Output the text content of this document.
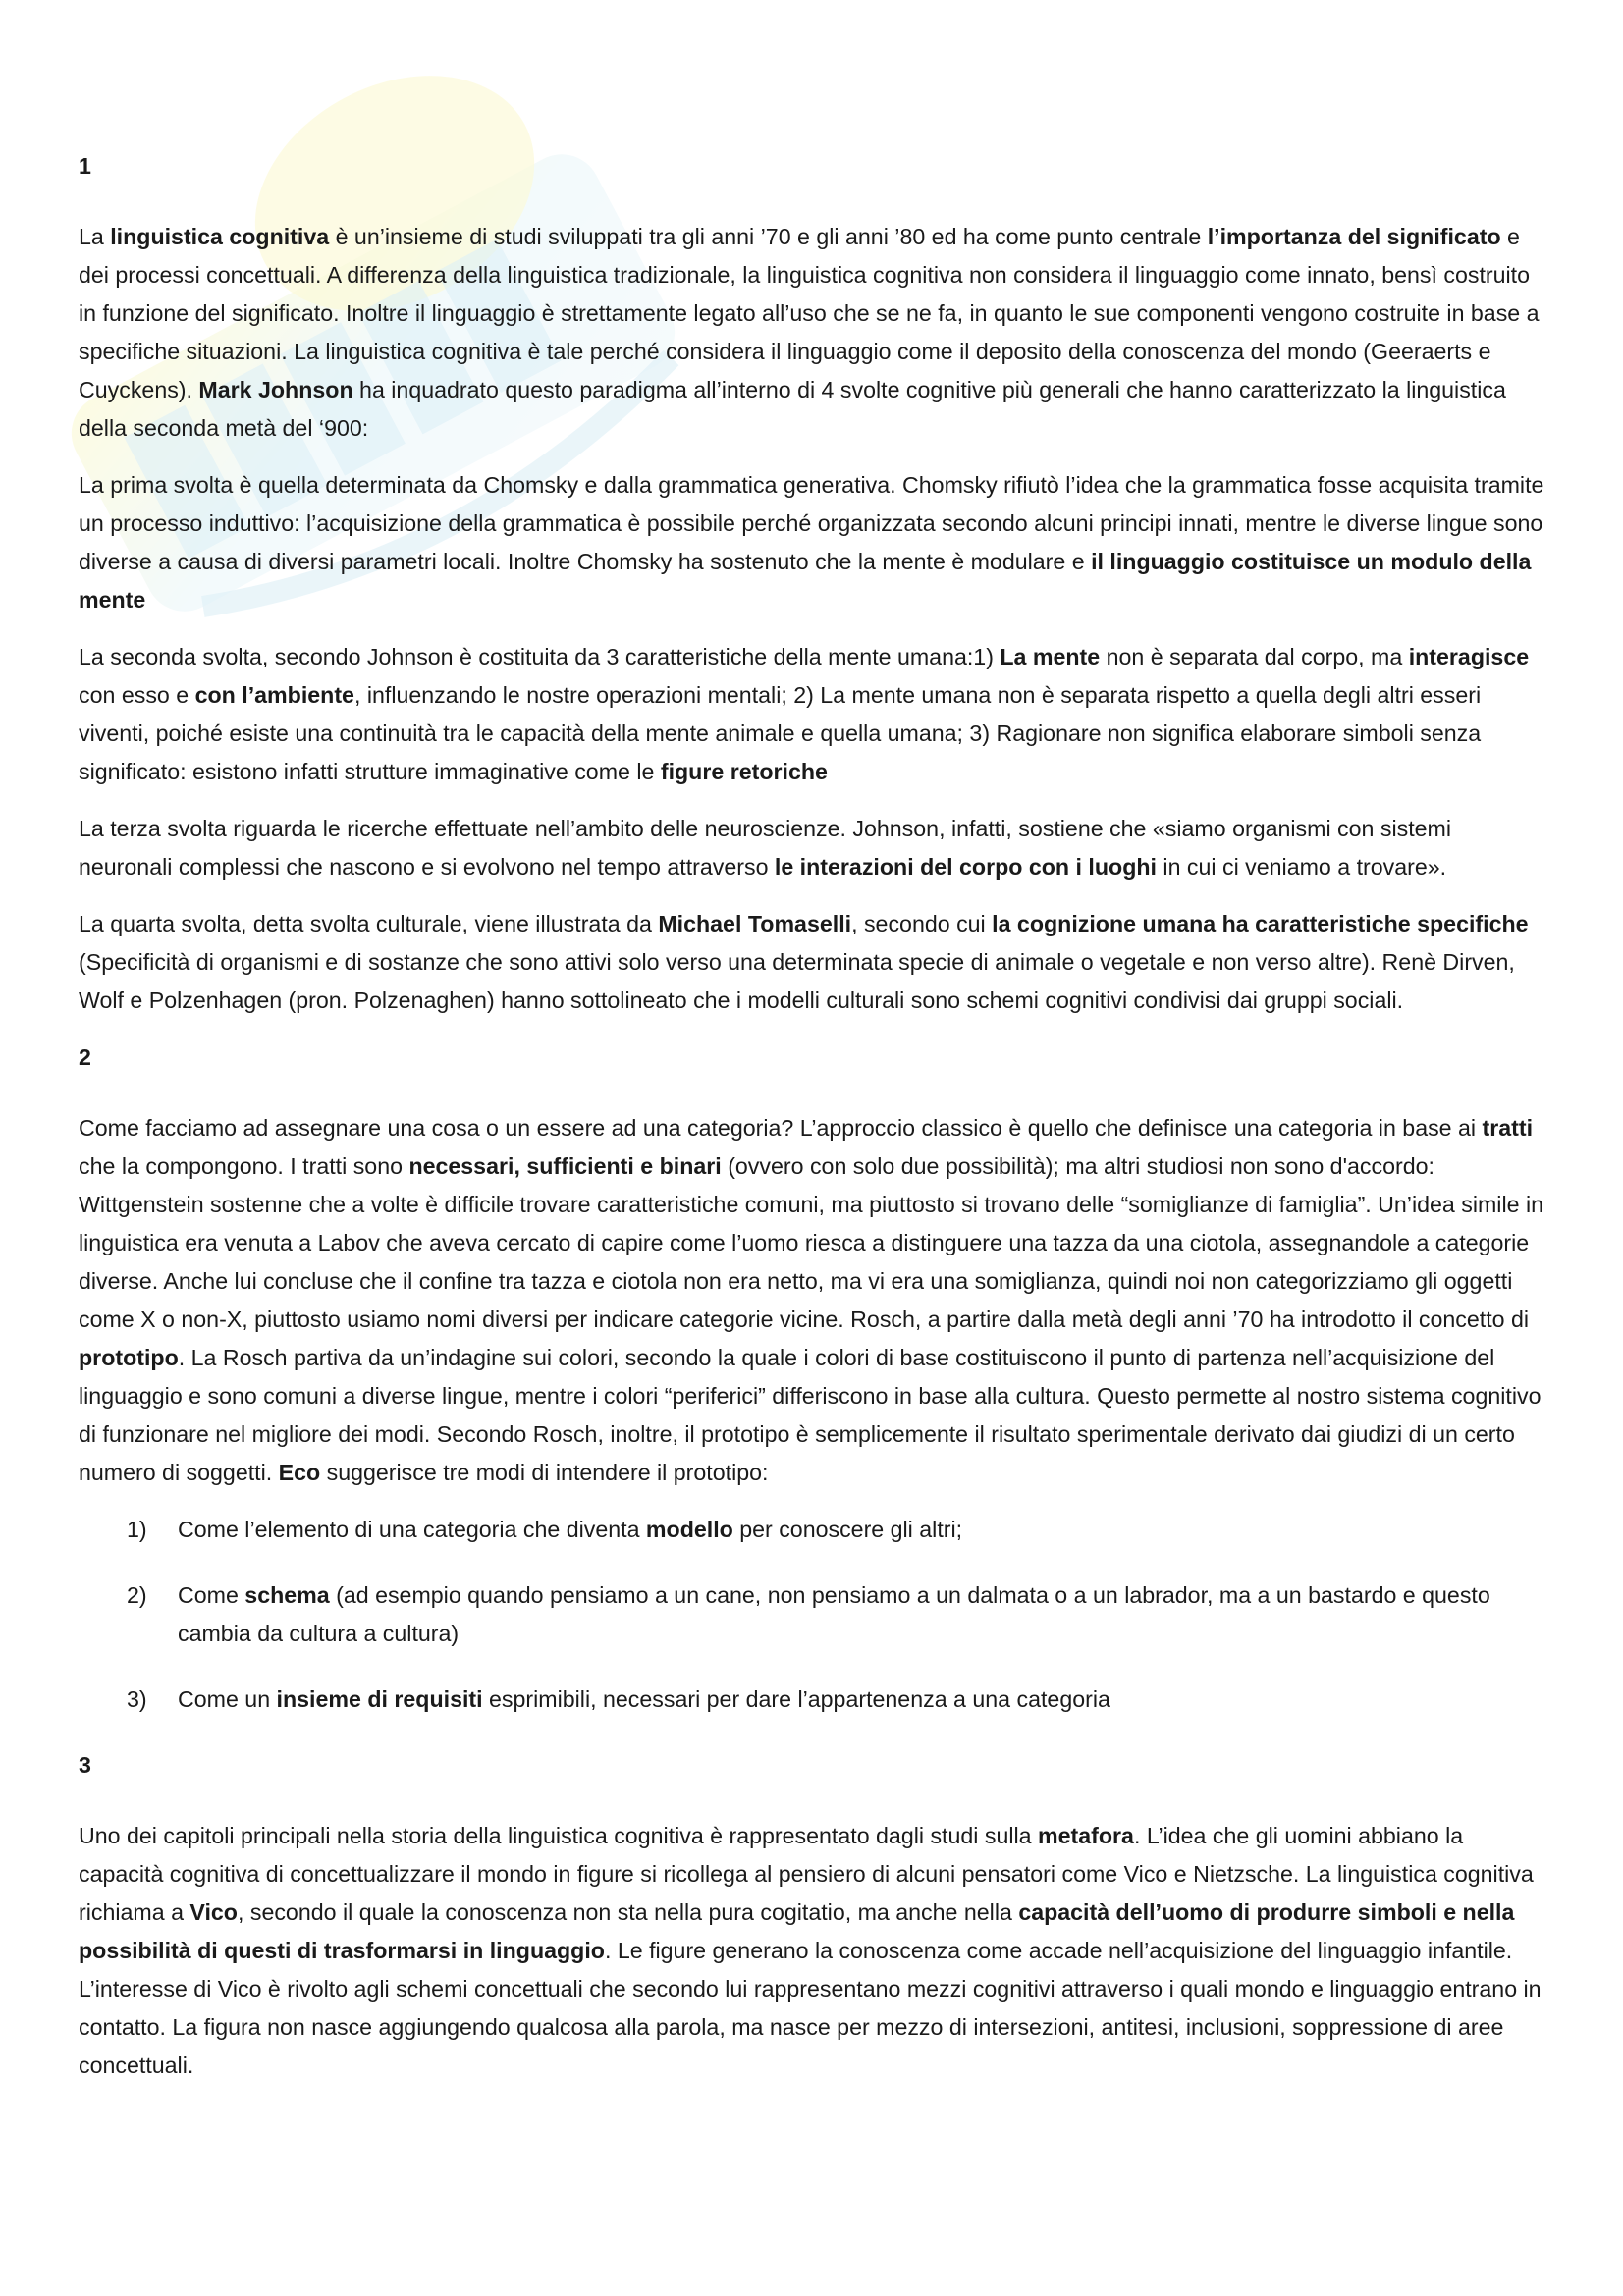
1

La linguistica cognitiva è un’insieme di studi sviluppati tra gli anni ’70 e gli anni ’80 ed ha come punto centrale l’importanza del significato e dei processi concettuali. A differenza della linguistica tradizionale, la linguistica cognitiva non considera il linguaggio come innato, bensì costruito in funzione del significato. Inoltre il linguaggio è strettamente legato all’uso che se ne fa, in quanto le sue componenti vengono costruite in base a specifiche situazioni. La linguistica cognitiva è tale perché considera il linguaggio come il deposito della conoscenza del mondo (Geeraerts e Cuyckens). Mark Johnson ha inquadrato questo paradigma all’interno di 4 svolte cognitive più generali che hanno caratterizzato la linguistica della seconda metà del ‘900:

La prima svolta è quella determinata da Chomsky e dalla grammatica generativa. Chomsky rifiutò l’idea che la grammatica fosse acquisita tramite un processo induttivo: l’acquisizione della grammatica è possibile perché organizzata secondo alcuni principi innati, mentre le diverse lingue sono diverse a causa di diversi parametri locali. Inoltre Chomsky ha sostenuto che la mente è modulare e il linguaggio costituisce un modulo della mente

La seconda svolta, secondo Johnson è costituita da 3 caratteristiche della mente umana:1) La mente non è separata dal corpo, ma interagisce con esso e con l’ambiente, influenzando le nostre operazioni mentali; 2) La mente umana non è separata rispetto a quella degli altri esseri viventi, poiché esiste una continuità tra le capacità della mente animale e quella umana; 3) Ragionare non significa elaborare simboli senza significato: esistono infatti strutture immaginative come le figure retoriche

La terza svolta riguarda le ricerche effettuate nell’ambito delle neuroscienze. Johnson, infatti, sostiene che «siamo organismi con sistemi neuronali complessi che nascono e si evolvono nel tempo attraverso le interazioni del corpo con i luoghi in cui ci veniamo a trovare».

La quarta svolta, detta svolta culturale, viene illustrata da Michael Tomaselli, secondo cui la cognizione umana ha caratteristiche specifiche (Specificità di organismi e di sostanze che sono attivi solo verso una determinata specie di animale o vegetale e non verso altre). Renè Dirven, Wolf e Polzenhagen (pron. Polzenaghen) hanno sottolineato che i modelli culturali sono schemi cognitivi condivisi dai gruppi sociali.

2

Come facciamo ad assegnare una cosa o un essere ad una categoria? L’approccio classico è quello che definisce una categoria in base ai tratti che la compongono. I tratti sono necessari, sufficienti e binari (ovvero con solo due possibilità); ma altri studiosi non sono d'accordo: Wittgenstein sostenne che a volte è difficile trovare caratteristiche comuni, ma piuttosto si trovano delle “somiglianze di famiglia”. Un’idea simile in linguistica era venuta a Labov che aveva cercato di capire come l’uomo riesca a distinguere una tazza da una ciotola, assegnandole a categorie diverse. Anche lui concluse che il confine tra tazza e ciotola non era netto, ma vi era una somiglianza, quindi noi non categorizziamo gli oggetti come X o non-X, piuttosto usiamo nomi diversi per indicare categorie vicine. Rosch, a partire dalla metà degli anni ’70 ha introdotto il concetto di prototipo. La Rosch partiva da un’indagine sui colori, secondo la quale i colori di base costituiscono il punto di partenza nell’acquisizione del linguaggio e sono comuni a diverse lingue, mentre i colori “periferici” differiscono in base alla cultura. Questo permette al nostro sistema cognitivo di funzionare nel migliore dei modi. Secondo Rosch, inoltre, il prototipo è semplicemente il risultato sperimentale derivato dai giudizi di un certo numero di soggetti. Eco suggerisce tre modi di intendere il prototipo:

1) Come l’elemento di una categoria che diventa modello per conoscere gli altri;
2) Come schema (ad esempio quando pensiamo a un cane, non pensiamo a un dalmata o a un labrador, ma a un bastardo e questo cambia da cultura a cultura)
3) Come un insieme di requisiti esprimibili, necessari per dare l’appartenenza a una categoria
3

Uno dei capitoli principali nella storia della linguistica cognitiva è rappresentato dagli studi sulla metafora. L’idea che gli uomini abbiano la capacità cognitiva di concettualizzare il mondo in figure si ricollega al pensiero di alcuni pensatori come Vico e Nietzsche. La linguistica cognitiva richiama a Vico, secondo il quale la conoscenza non sta nella pura cogitatio, ma anche nella capacità dell’uomo di produrre simboli e nella possibilità di questi di trasformarsi in linguaggio. Le figure generano la conoscenza come accade nell’acquisizione del linguaggio infantile. L’interesse di Vico è rivolto agli schemi concettuali che secondo lui rappresentano mezzi cognitivi attraverso i quali mondo e linguaggio entrano in contatto. La figura non nasce aggiungendo qualcosa alla parola, ma nasce per mezzo di intersezioni, antitesi, inclusioni, soppressione di aree concettuali.
